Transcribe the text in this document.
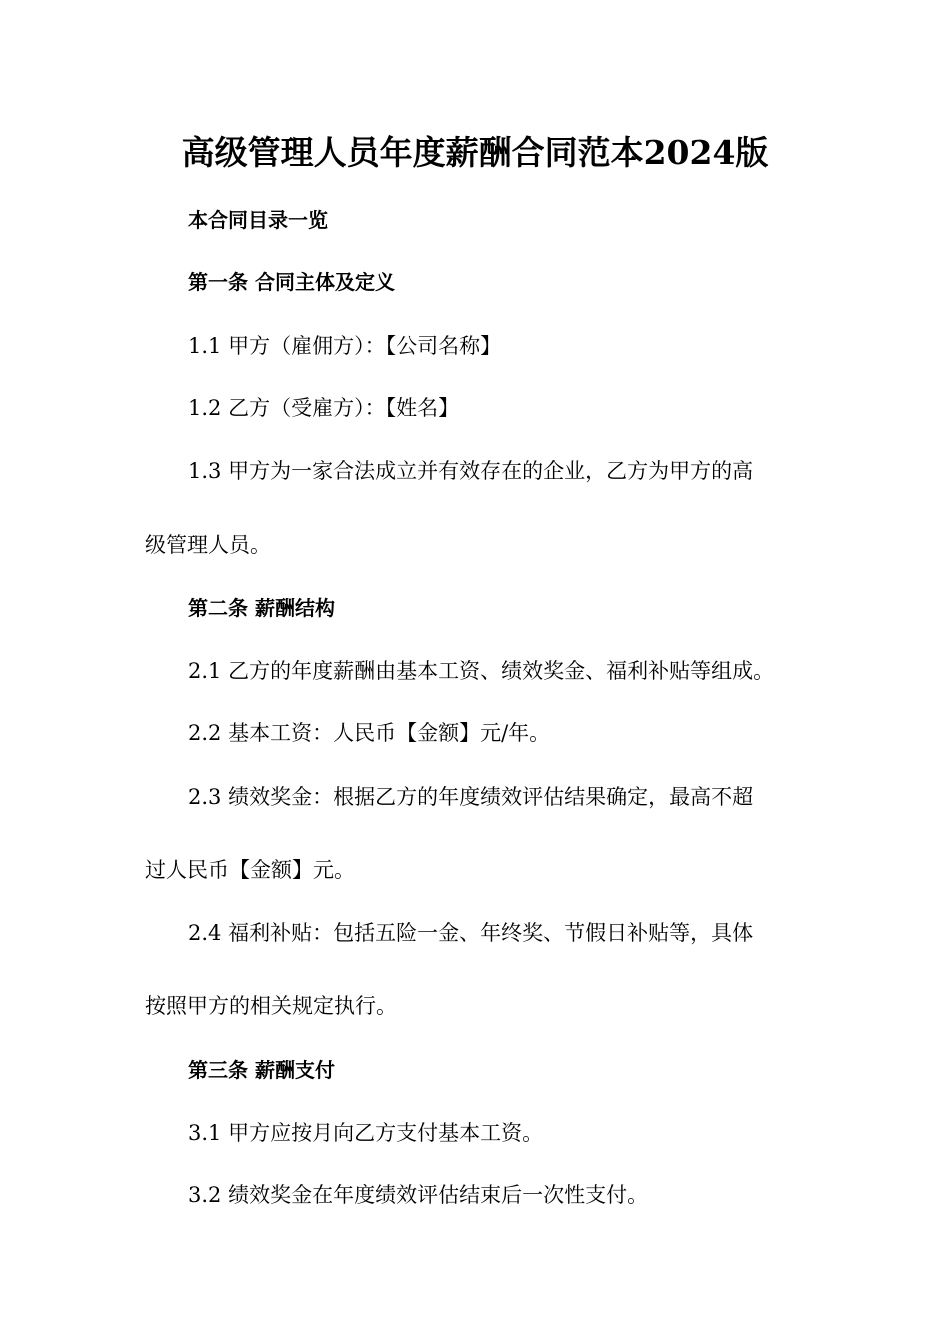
高级管理人员年度薪酬合同范本2024版
本合同目录一览
第一条 合同主体及定义
1.1 甲方（雇佣方）：【公司名称】
1.2 乙方（受雇方）：【姓名】
1.3 甲方为一家合法成立并有效存在的企业，乙方为甲方的高
级管理人员。
第二条 薪酬结构
2.1 乙方的年度薪酬由基本工资、绩效奖金、福利补贴等组成。
2.2 基本工资：人民币【金额】元/年。
2.3 绩效奖金：根据乙方的年度绩效评估结果确定，最高不超
过人民币【金额】元。
2.4 福利补贴：包括五险一金、年终奖、节假日补贴等，具体
按照甲方的相关规定执行。
第三条 薪酬支付
3.1 甲方应按月向乙方支付基本工资。
3.2 绩效奖金在年度绩效评估结束后一次性支付。
